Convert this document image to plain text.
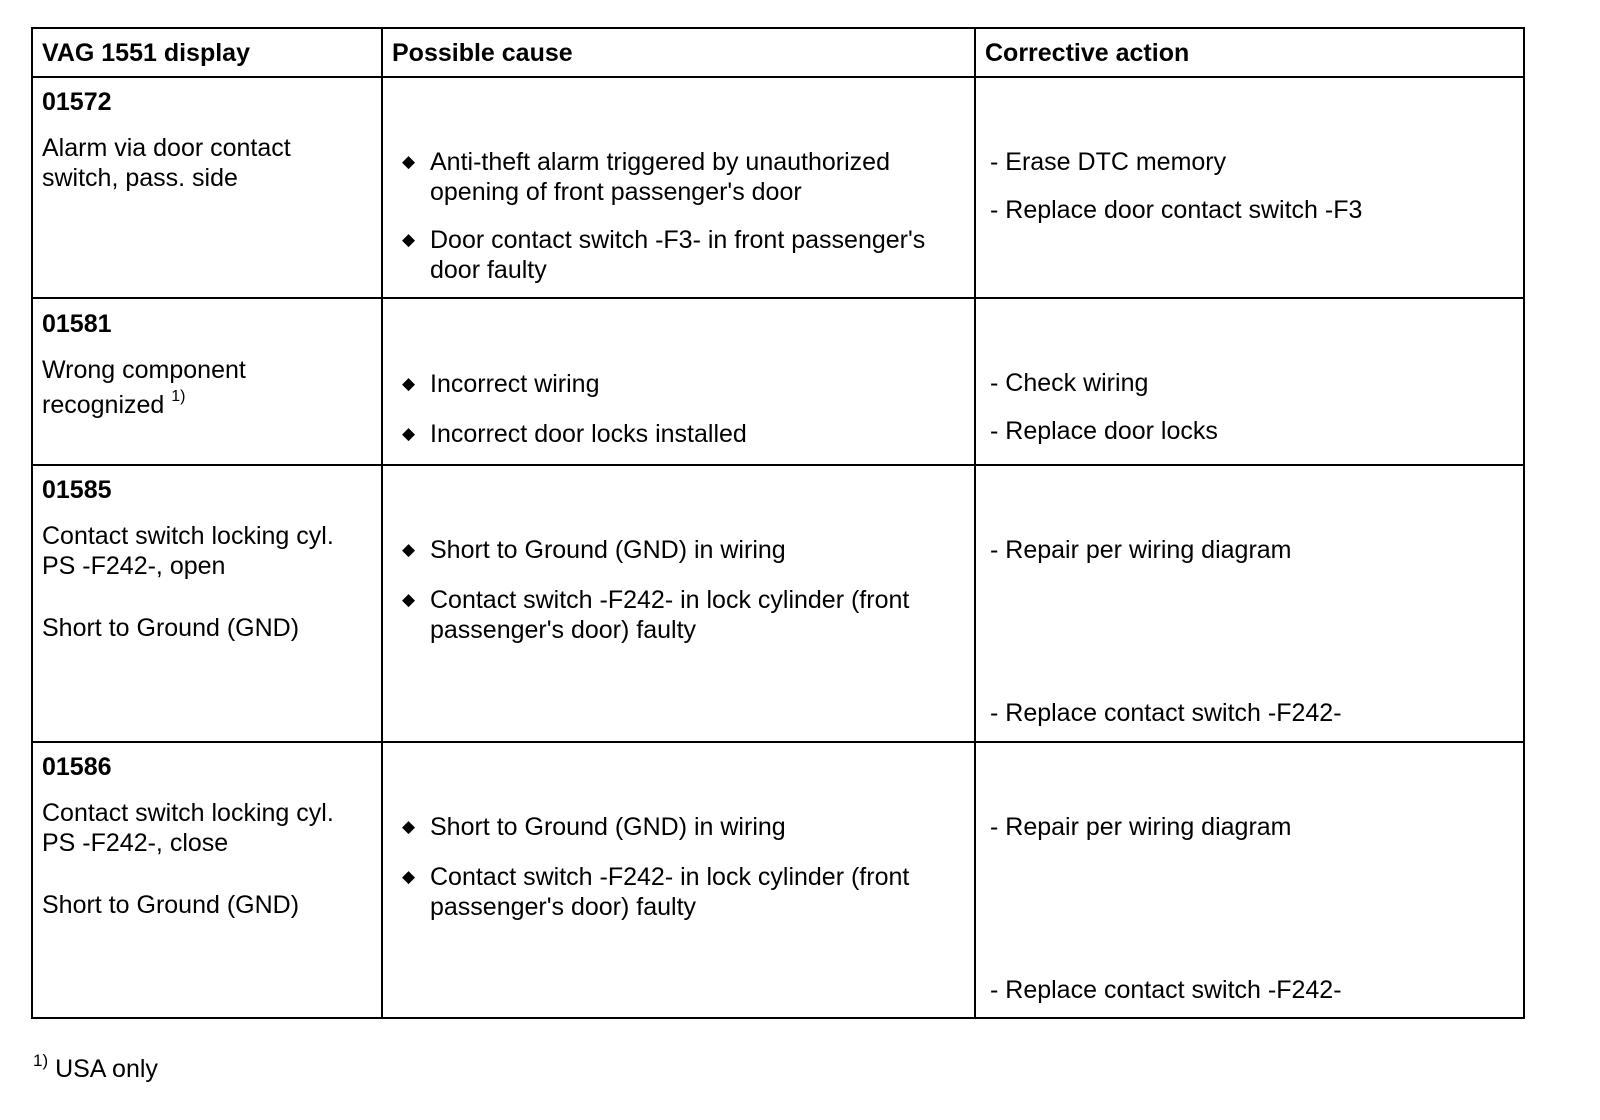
VAG 1551 display	Possible cause	Corrective action
01572
Alarm via door contact
switch, pass. side
◆ Anti-theft alarm triggered by unauthorized
opening of front passenger's door
◆ Door contact switch -F3- in front passenger's
door faulty
- Erase DTC memory
- Replace door contact switch -F3
01581
Wrong component
recognized $^{1)}$
◆	Incorrect wiring
◆ Incorrect door locks installed
- Check wiring
- Replace door locks
01585
Contact switch locking cyl.
PS -F242-, open
Short to Ground (GND)
◆ Short to Ground (GND) in wiring
◆ Contact switch -F242- in lock cylinder (front
passenger's door) faulty
- Repair per wiring diagram
- Replace contact switch -F242-
01586
Contact switch locking cyl.
PS -F242-, close
Short to Ground (GND)
◆ Short to Ground (GND) in wiring
◆ Contact switch -F242- in lock cylinder (front
passenger's door) faulty
- Repair per wiring diagram
- Replace contact switch -F242-
$^{1)}$ USA only
